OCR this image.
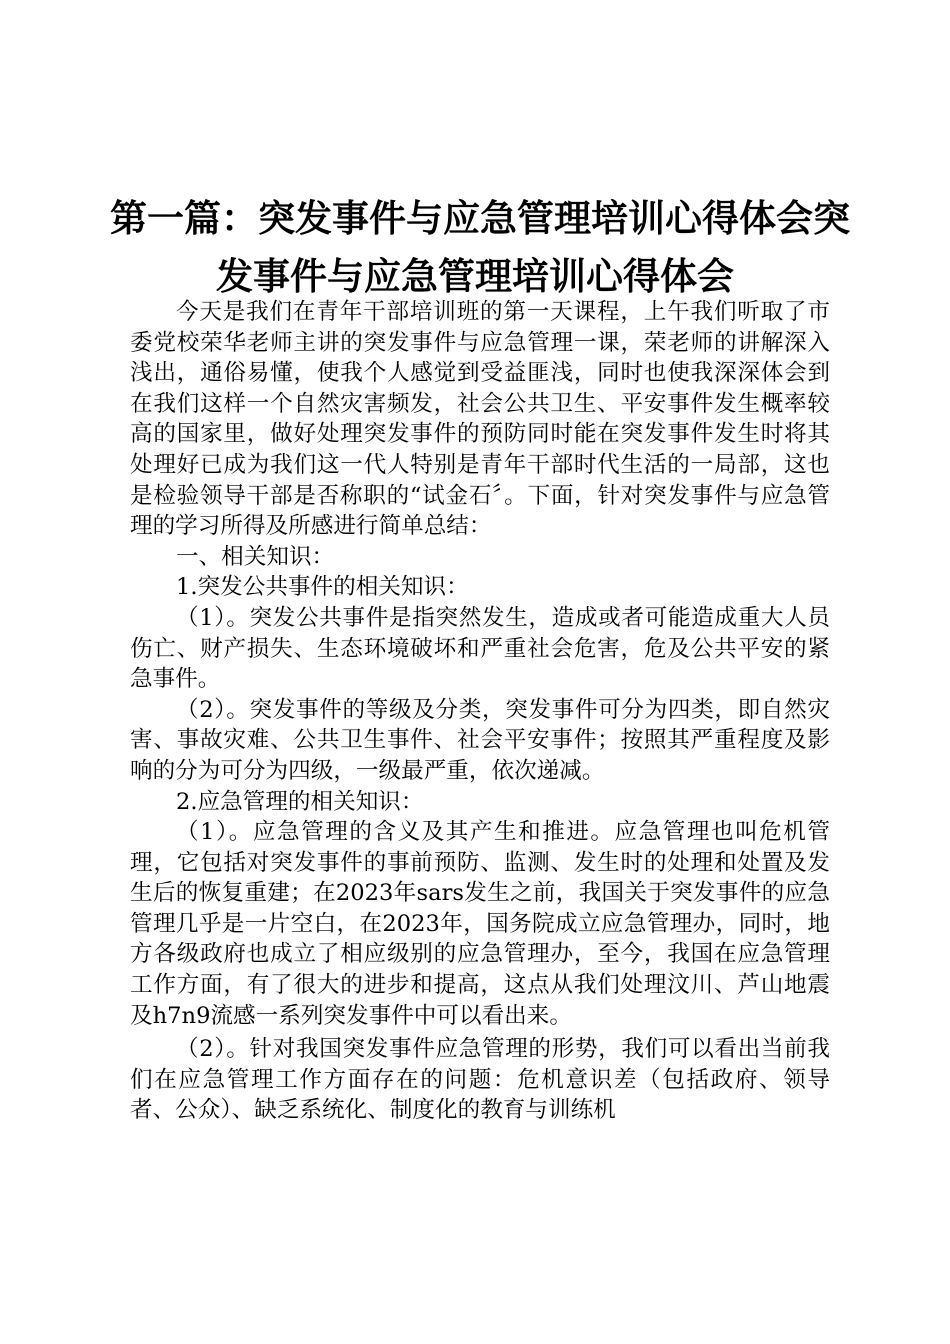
第一篇：突发事件与应急管理培训心得体会突
发事件与应急管理培训心得体会

今天是我们在青年干部培训班的第一天课程，上午我们听取了市委党校荣华老师主讲的突发事件与应急管理一课，荣老师的讲解深入浅出，通俗易懂，使我个人感觉到受益匪浅，同时也使我深深体会到在我们这样一个自然灾害频发，社会公共卫生、平安事件发生概率较高的国家里，做好处理突发事件的预防同时能在突发事件发生时将其处理好已成为我们这一代人特别是青年干部时代生活的一局部，这也是检验领导干部是否称职的“试金石〞。下面，针对突发事件与应急管理的学习所得及所感进行简单总结：

一、相关知识：

1.突发公共事件的相关知识：

（1）。突发公共事件是指突然发生，造成或者可能造成重大人员伤亡、财产损失、生态环境破坏和严重社会危害，危及公共平安的紧急事件。

（2）。突发事件的等级及分类，突发事件可分为四类，即自然灾害、事故灾难、公共卫生事件、社会平安事件；按照其严重程度及影响的分为可分为四级，一级最严重，依次递减。

2.应急管理的相关知识：

（1）。应急管理的含义及其产生和推进。应急管理也叫危机管理，它包括对突发事件的事前预防、监测、发生时的处理和处置及发生后的恢复重建；在2023年sars发生之前，我国关于突发事件的应急管理几乎是一片空白，在2023年，国务院成立应急管理办，同时，地方各级政府也成立了相应级别的应急管理办，至今，我国在应急管理工作方面，有了很大的进步和提高，这点从我们处理汶川、芦山地震及h7n9流感一系列突发事件中可以看出来。

（2）。针对我国突发事件应急管理的形势，我们可以看出当前我们在应急管理工作方面存在的问题：危机意识差（包括政府、领导者、公众）、缺乏系统化、制度化的教育与训练机
